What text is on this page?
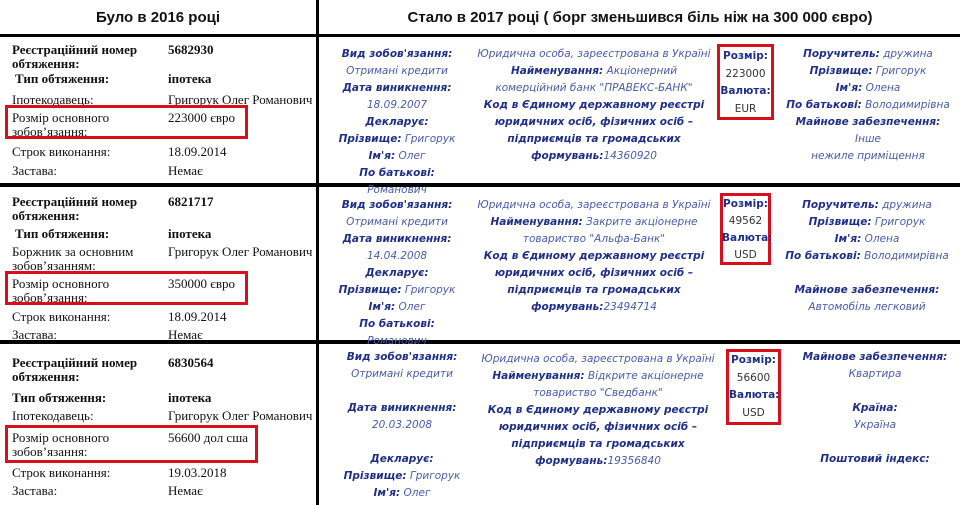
Було в 2016 році	Стало в 2017 році ( борг зменьшився біль ніж на 300 000 євро)
Реєстраційний номер обтяження:
5682930
Тип обтяження:	іпотека
Іпотекодавець:	Григорук Олег Романович
Розмір основного зобов’язання:
223000 євро
Строк виконання:	18.09.2014
Застава:	Немає
Реєстраційний номер обтяження:
6821717
Тип обтяження:	іпотека
Боржник за основним зобов’язанням:
Григорук Олег Романович
Розмір основного зобов’язання:
350000 євро
Строк виконання:	18.09.2014
Застава:	Немає
Реєстраційний номер обтяження:
6830564
Тип обтяження:	іпотека
Іпотекодавець:	Григорук Олег Романович
Розмір основного зобов’язання:
56600 дол сша
Строк виконання:	19.03.2018
Заставa:	Немає

Вид зобов'язання:

Отримані кредити

Дата виникнення:

18.09.2007

Декларує:

Прізвище: Григорук

Ім'я: Олег

По батькові: Романович

Юридична особа, зареєстрована в Україні

Найменування: Акціонерний комерційний банк "ПРАВЕКС-БАНК"

Код в Єдиному державному реєстрі юридичних осіб, фізичних осіб – підприємців та громадських формувань:14360920

Розмір:

223000

Валюта:

EUR

Поручитель: дружина

Прізвище: Григорук

Ім'я: Олена

По батькові: Володимирівна

Майнове забезпечення:

Інше

нежиле приміщення

Вид зобов'язання:

Отримані кредити

Дата виникнення:

14.04.2008

Декларує:

Прізвище: Григорук

Ім'я: Олег

По батькові: Романович

Юридична особа, зареєстрована в Україні

Найменування: Закрите акціонерне товариство "Альфа-Банк"

Код в Єдиному державному реєстрі юридичних осіб, фізичних осіб – підприємців та громадських формувань:23494714

Розмір:

49562

Валюта:

USD

Поручитель: дружина

Прізвище: Григорук

Ім'я: Олена

По батькові: Володимирівна

Майнове забезпечення:

Автомобіль легковий

Вид зобов'язання:

Отримані кредити

Дата виникнення:

20.03.2008

Декларує:

Прізвище: Григорук

Ім'я: Олег

Юридична особа, зареєстрована в Україні

Найменування: Відкрите акціонерне товариство "Сведбанк"

Код в Єдиному державному реєстрі юридичних осіб, фізичних осіб – підприємців та громадських формувань:19356840

Розмір:

56600

Валюта:

USD

Майнове забезпечення:

Квартира

Країна:

Україна

Поштовий індекс:
